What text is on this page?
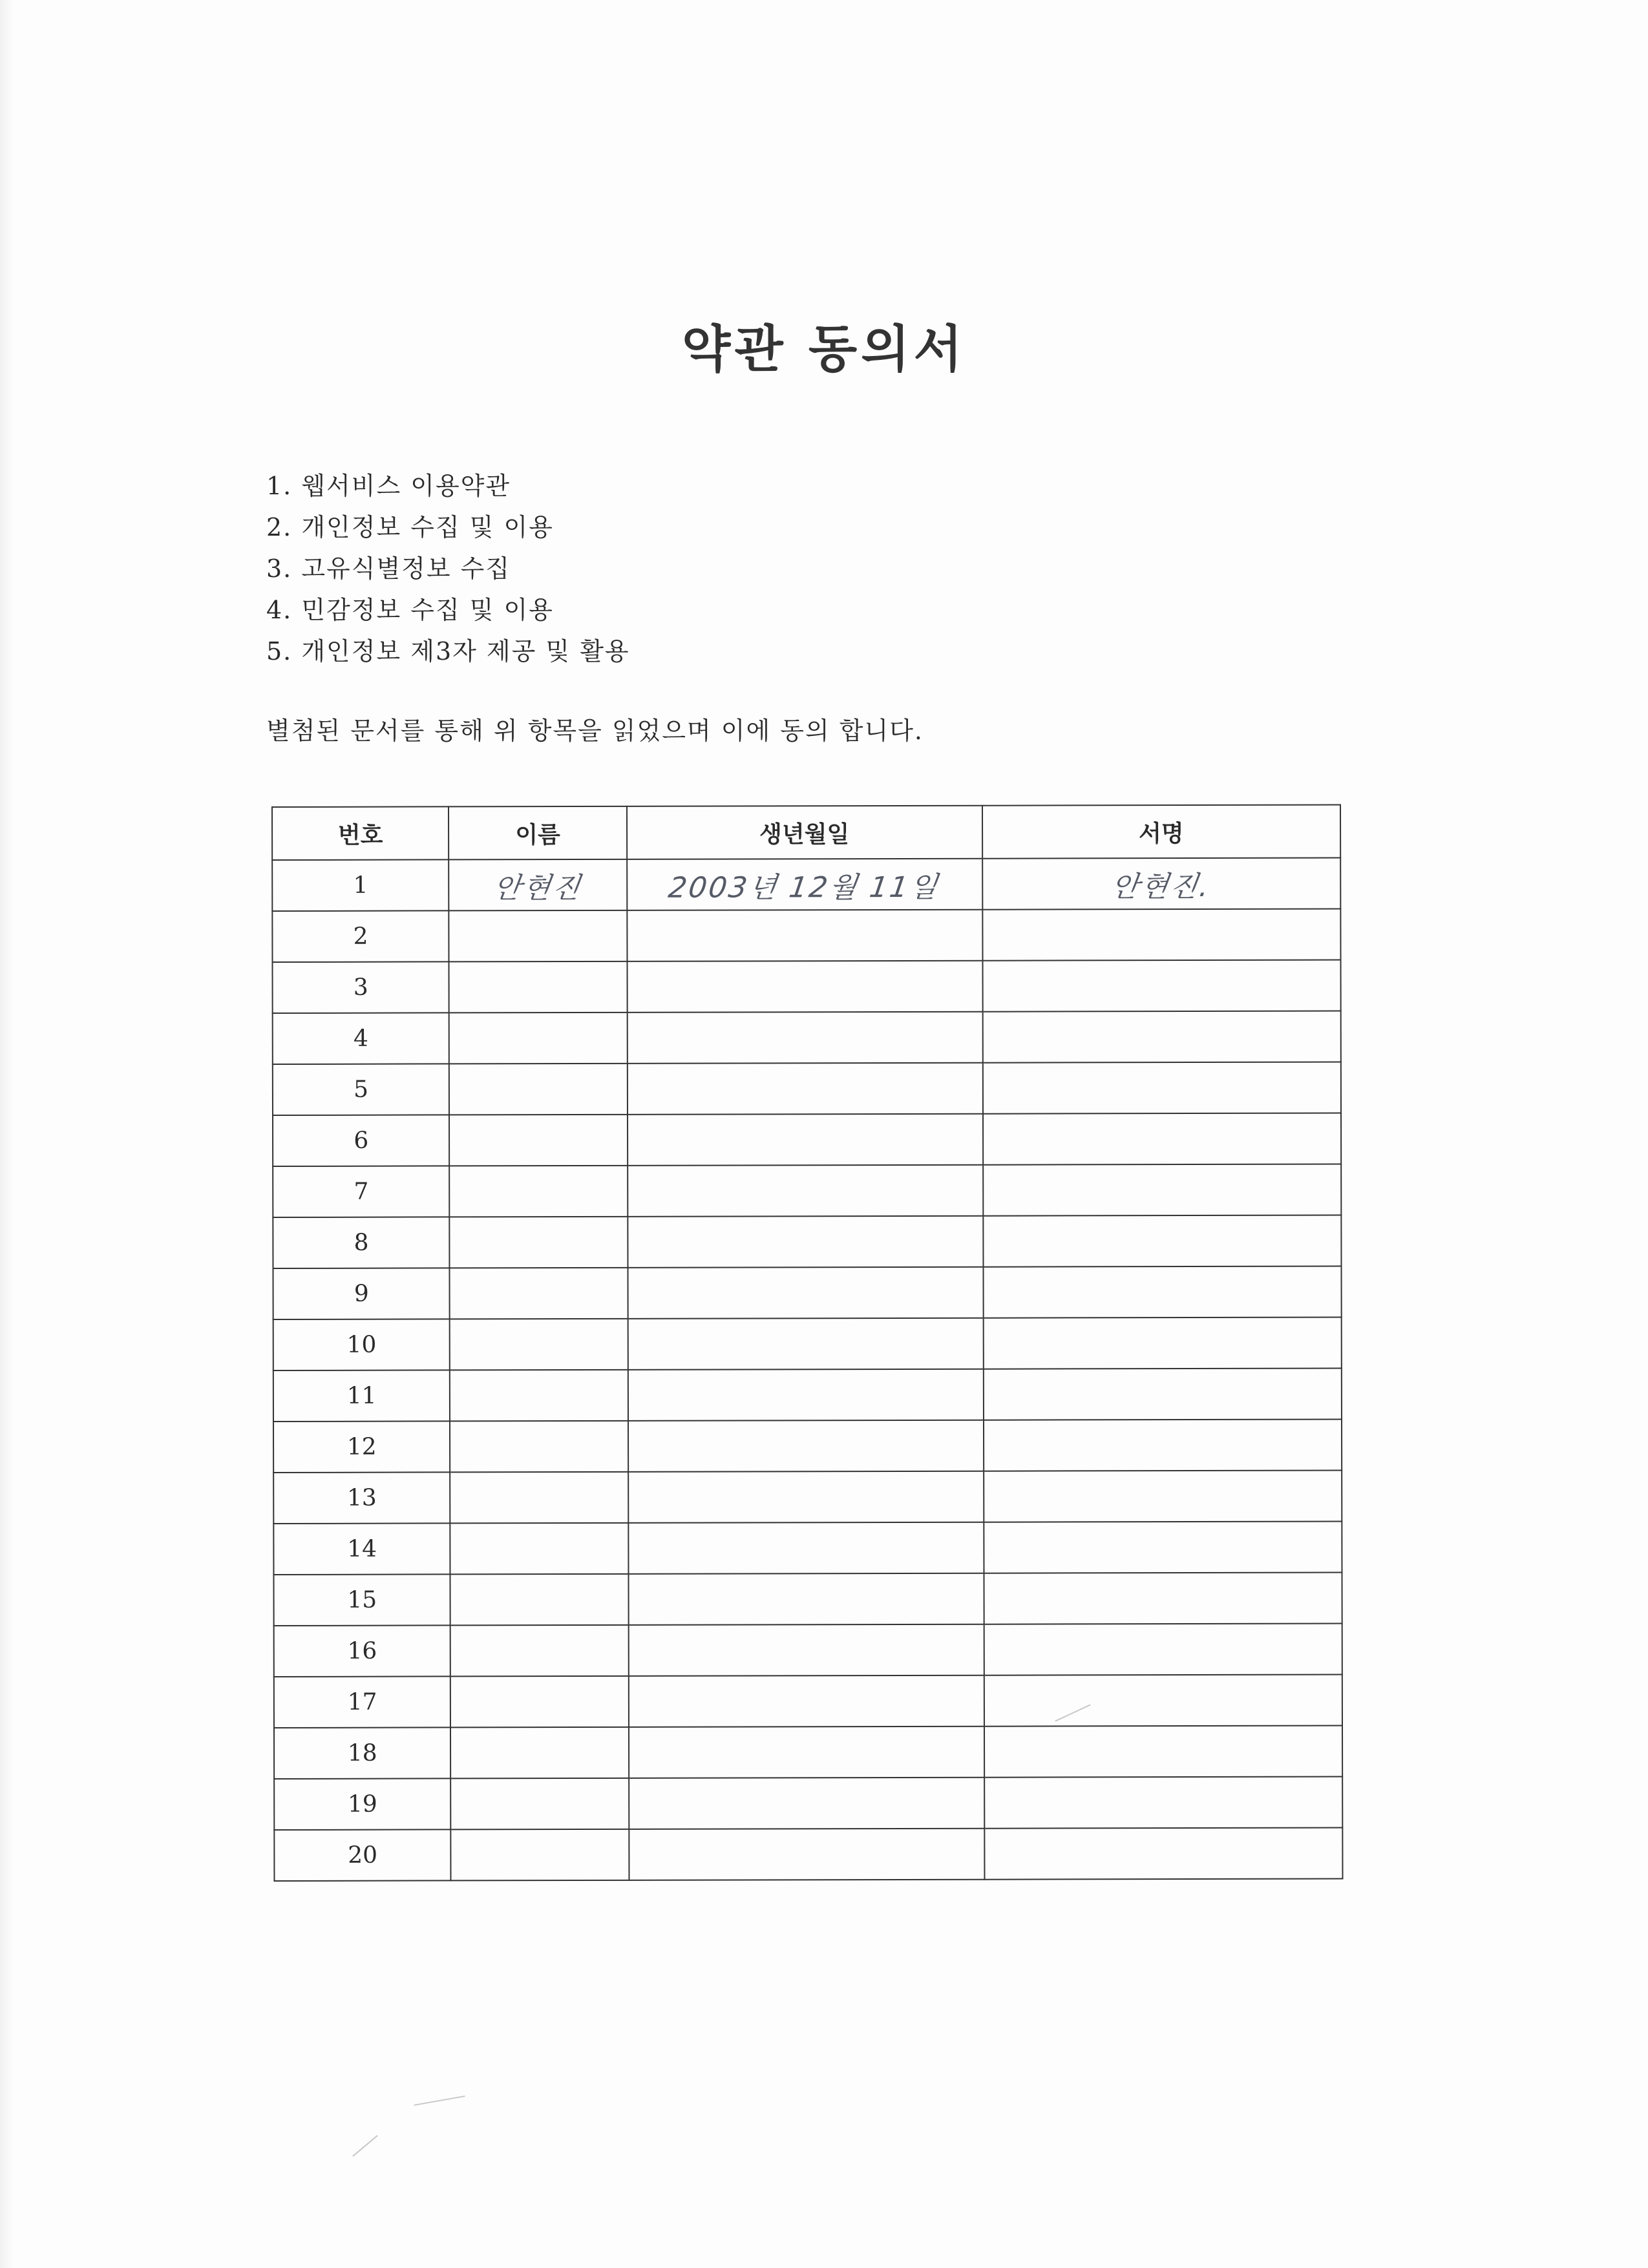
약관 동의서
1. 웹서비스 이용약관
2. 개인정보 수집 및 이용
3. 고유식별정보 수집
4. 민감정보 수집 및 이용
5. 개인정보 제3자 제공 및 활용
별첨된 문서를 통해 위 항목을 읽었으며 이에 동의 합니다.
번호	이름	생년월일	서명
1	안현진	2003년 12월 11일	안현진.
2			
3			
4			
5			
6			
7			
8			
9			
10			
11			
12			
13			
14			
15			
16			
17			
18			
19			
20			
